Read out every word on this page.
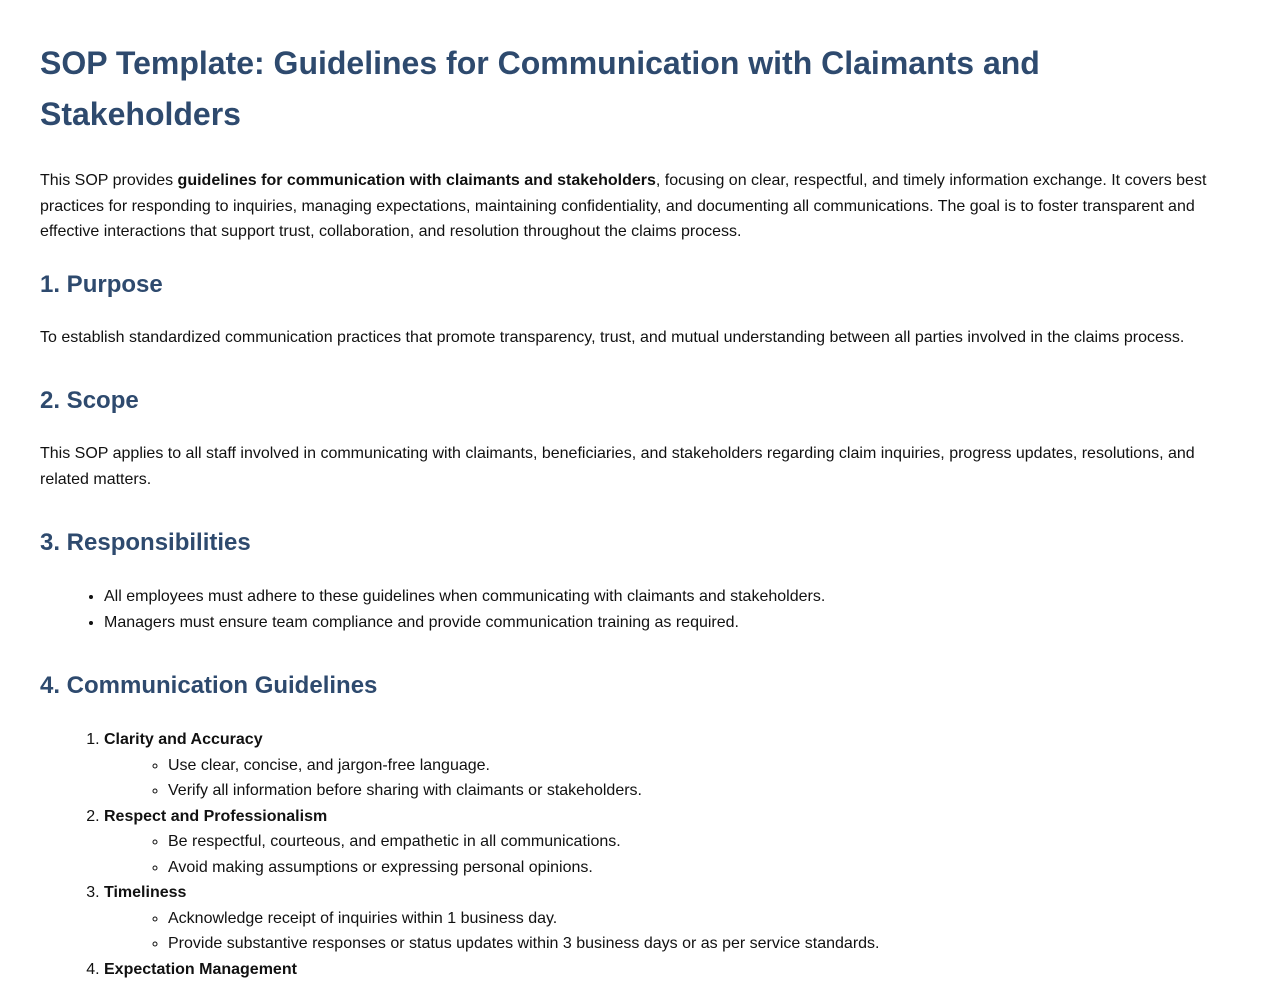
SOP Template: Guidelines for Communication with Claimants and Stakeholders

This SOP provides guidelines for communication with claimants and stakeholders, focusing on clear, respectful, and timely information exchange. It covers best practices for responding to inquiries, managing expectations, maintaining confidentiality, and documenting all communications. The goal is to foster transparent and effective interactions that support trust, collaboration, and resolution throughout the claims process.

1. Purpose

To establish standardized communication practices that promote transparency, trust, and mutual understanding between all parties involved in the claims process.

2. Scope

This SOP applies to all staff involved in communicating with claimants, beneficiaries, and stakeholders regarding claim inquiries, progress updates, resolutions, and related matters.

3. Responsibilities
• All employees must adhere to these guidelines when communicating with claimants and stakeholders.
• Managers must ensure team compliance and provide communication training as required.
4. Communication Guidelines
1. Clarity and Accuracy
◦ Use clear, concise, and jargon-free language.
◦ Verify all information before sharing with claimants or stakeholders.
2. Respect and Professionalism
◦ Be respectful, courteous, and empathetic in all communications.
◦ Avoid making assumptions or expressing personal opinions.
3. Timeliness
◦ Acknowledge receipt of inquiries within 1 business day.
◦ Provide substantive responses or status updates within 3 business days or as per service standards.
4. Expectation Management
